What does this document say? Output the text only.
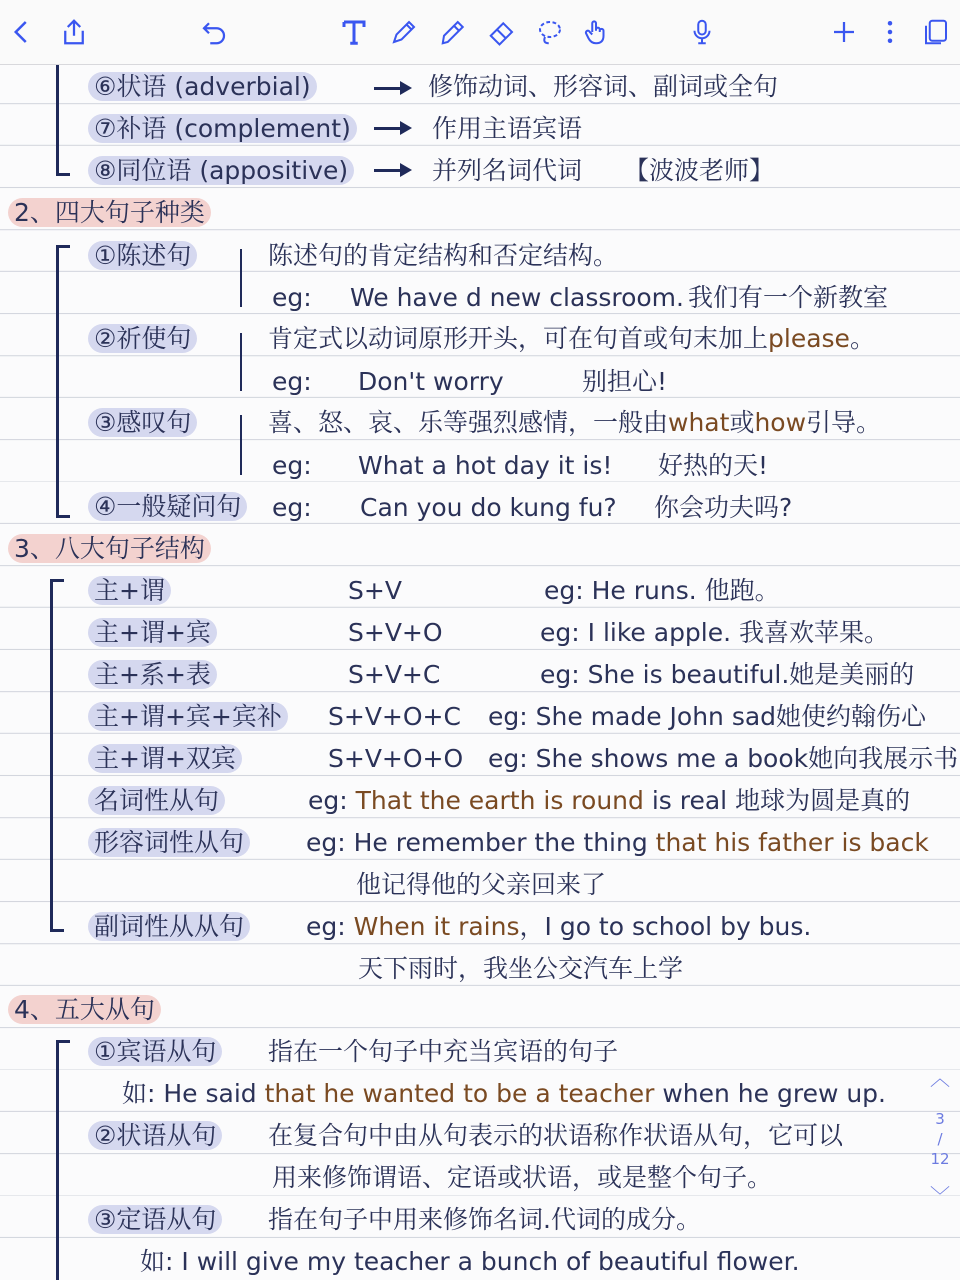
⑥状语 (adverbial)	修饰动词、形容词、副词或全句
⑦补语 (complement)	作用主语宾语
⑧同位语 (appositive)	并列名词代词 【波波老师】
2、四大句子种类
①陈述句	陈述句的肯定结构和否定结构。
eg: We have d new classroom. 我们有一个新教室
②祈使句	肯定式以动词原形开头，可在句首或句末加上please。
eg: Don't worry	别担心!
③感叹句	喜、怒、哀、乐等强烈感情，一般由what或how引导。
eg: What a hot day it is! 好热的天!
④一般疑问句 eg: Can you do kung fu? 你会功夫吗?
3、八大句子结构
主+谓	S+V	eg: He runs. 他跑。
主+谓+宾	S+V+O	eg: I like apple. 我喜欢苹果。
主+系+表	S+V+C	eg: She is beautiful.她是美丽的
主+谓+宾+宾补 S+V+O+C eg: She made John sad她使约翰伤心
主+谓+双宾	S+V+O+O eg: She shows me a book她向我展示书
名词性从句	eg: That the earth is round is real 地球为圆是真的
形容词性从句 eg: He remember the thing that his father is back
他记得他的父亲回来了
副词性从从句 eg: When it rains，I go to school by bus.
天下雨时，我坐公交汽车上学
4、五大从句
①宾语从句 指在一个句子中充当宾语的句子
如: He said that he wanted to be a teacher when he grew up.
②状语从句 在复合句中由从句表示的状语称作状语从句，它可以
用来修饰谓语、定语或状语，或是整个句子。
③定语从句 指在句子中用来修饰名词.代词的成分。
如: I will give my teacher a bunch of beautiful flower.
︿
3
/
12
﹀
